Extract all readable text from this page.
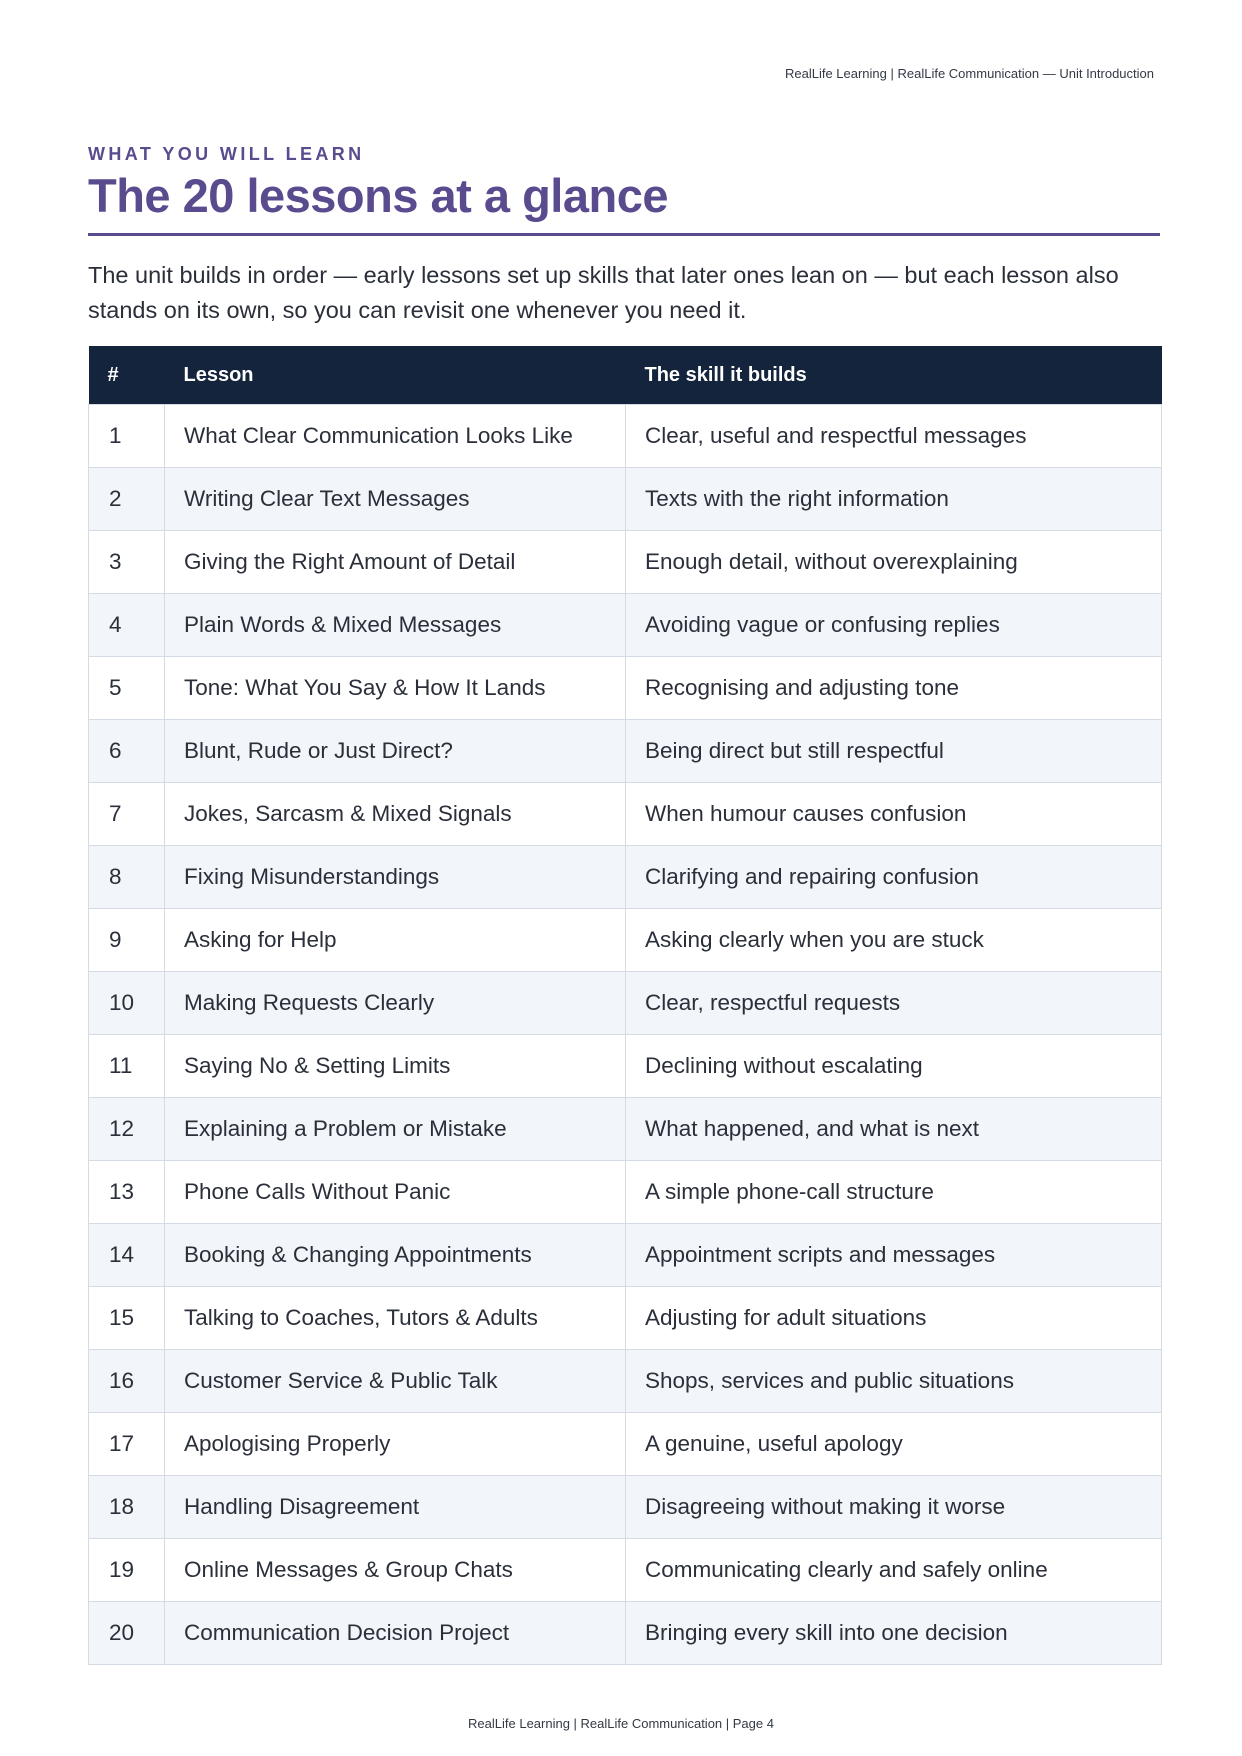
RealLife Learning | RealLife Communication — Unit Introduction
WHAT YOU WILL LEARN
The 20 lessons at a glance

The unit builds in order — early lessons set up skills that later ones lean on — but each lesson also stands on its own, so you can revisit one whenever you need it.

#	Lesson	The skill it builds
1	What Clear Communication Looks Like	Clear, useful and respectful messages
2	Writing Clear Text Messages	Texts with the right information
3	Giving the Right Amount of Detail	Enough detail, without overexplaining
4	Plain Words & Mixed Messages	Avoiding vague or confusing replies
5	Tone: What You Say & How It Lands	Recognising and adjusting tone
6	Blunt, Rude or Just Direct?	Being direct but still respectful
7	Jokes, Sarcasm & Mixed Signals	When humour causes confusion
8	Fixing Misunderstandings	Clarifying and repairing confusion
9	Asking for Help	Asking clearly when you are stuck
10	Making Requests Clearly	Clear, respectful requests
11	Saying No & Setting Limits	Declining without escalating
12	Explaining a Problem or Mistake	What happened, and what is next
13	Phone Calls Without Panic	A simple phone-call structure
14	Booking & Changing Appointments	Appointment scripts and messages
15	Talking to Coaches, Tutors & Adults	Adjusting for adult situations
16	Customer Service & Public Talk	Shops, services and public situations
17	Apologising Properly	A genuine, useful apology
18	Handling Disagreement	Disagreeing without making it worse
19	Online Messages & Group Chats	Communicating clearly and safely online
20	Communication Decision Project	Bringing every skill into one decision
RealLife Learning | RealLife Communication | Page 4
